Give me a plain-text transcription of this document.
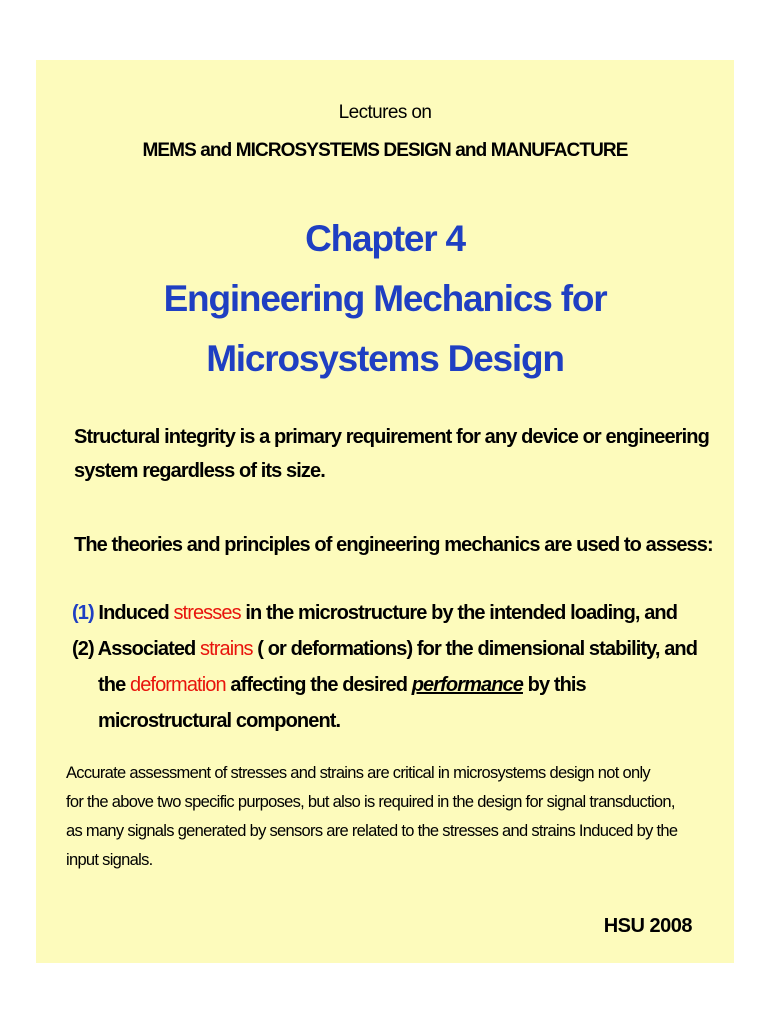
Lectures on
MEMS and MICROSYSTEMS DESIGN and MANUFACTURE
Chapter 4
Engineering Mechanics for
Microsystems Design
Structural integrity is a primary requirement for any device or engineering
system regardless of its size.
The theories and principles of engineering mechanics are used to assess:
(1) Induced stresses in the microstructure by the intended loading, and
(2) Associated strains ( or deformations) for the dimensional stability, and
the deformation affecting the desired performance by this
microstructural component.
Accurate assessment of stresses and strains are critical in microsystems design not only
for the above two specific purposes, but also is required in the design for signal transduction,
as many signals generated by sensors are related to the stresses and strains Induced by the
input signals.
HSU 2008
